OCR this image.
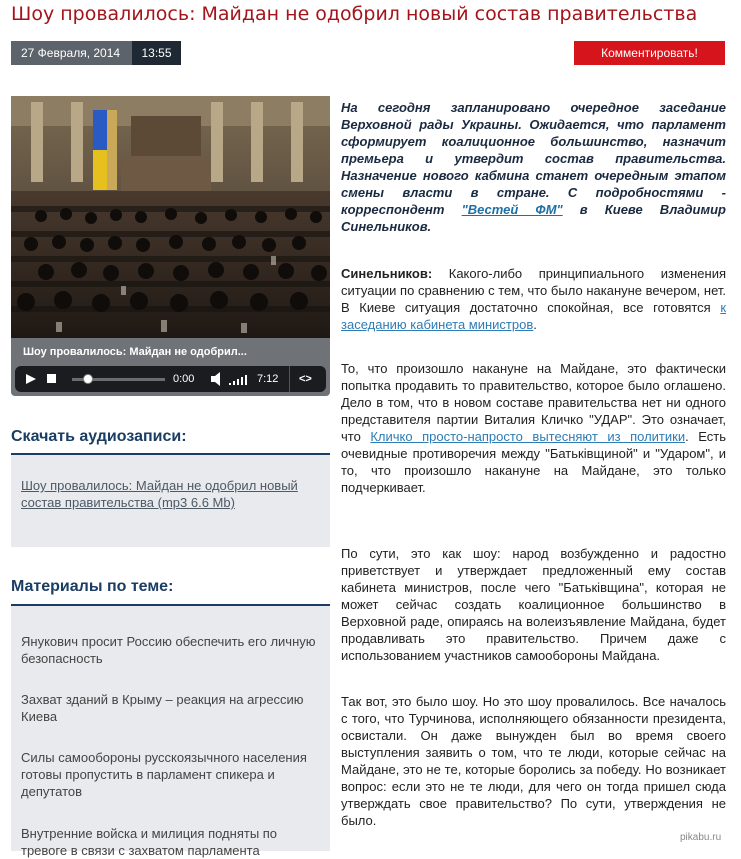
Шоу провалилось: Майдан не одобрил новый состав правительства
27 Февраля, 2014 г.
13:55	Комментировать!
Шоу провалилось: Майдан не одобрил...
0:00	7:12 <>
Скачать аудиозаписи:
Шоу провалилось: Майдан не одобрил новый состав правительства (mp3 6.6 Mb)
Материалы по теме:
Янукович просит Россию обеспечить его личную безопасность
Захват зданий в Крыму – реакция на агрессию Киева
Силы самообороны русскоязычного населения готовы пропустить в парламент спикера и депутатов
Внутренние войска и милиция подняты по тревоге в связи с захватом парламента
На сегодня запланировано очередное заседание Верховной рады Украины. Ожидается, что парламент сформирует коалиционное большинство, назначит премьера и утвердит состав правительства. Назначение нового кабмина станет очередным этапом смены власти в стране. С подробностями - корреспондент "Вестей ФМ" в Киеве Владимир Синельников.
Синельников: Какого-либо принципиального изменения ситуации по сравнению с тем, что было накануне вечером, нет. В Киеве ситуация достаточно спокойная, все готовятся к заседанию кабинета министров.
То, что произошло накануне на Майдане, это фактически попытка продавить то правительство, которое было оглашено. Дело в том, что в новом составе правительства нет ни одного представителя партии Виталия Кличко "УДАР". Это означает, что Кличко просто-напросто вытесняют из политики. Есть очевидные противоречия между "Батьківщиной" и "Ударом", и то, что произошло накануне на Майдане, это только подчеркивает.
По сути, это как шоу: народ возбужденно и радостно приветствует и утверждает предложенный ему состав кабинета министров, после чего "Батьківщина", которая не может сейчас создать коалиционное большинство в Верховной раде, опираясь на волеизъявление Майдана, будет продавливать это правительство. Причем даже с использованием участников самообороны Майдана.
Так вот, это было шоу. Но это шоу провалилось. Все началось с того, что Турчинова, исполняющего обязанности президента, освистали. Он даже вынужден был во время своего выступления заявить о том, что те люди, которые сейчас на Майдане, это не те, которые боролись за победу. Но возникает вопрос: если это не те люди, для чего он тогда пришел сюда утверждать свое правительство? По сути, утверждения не было.
pikabu.ru
